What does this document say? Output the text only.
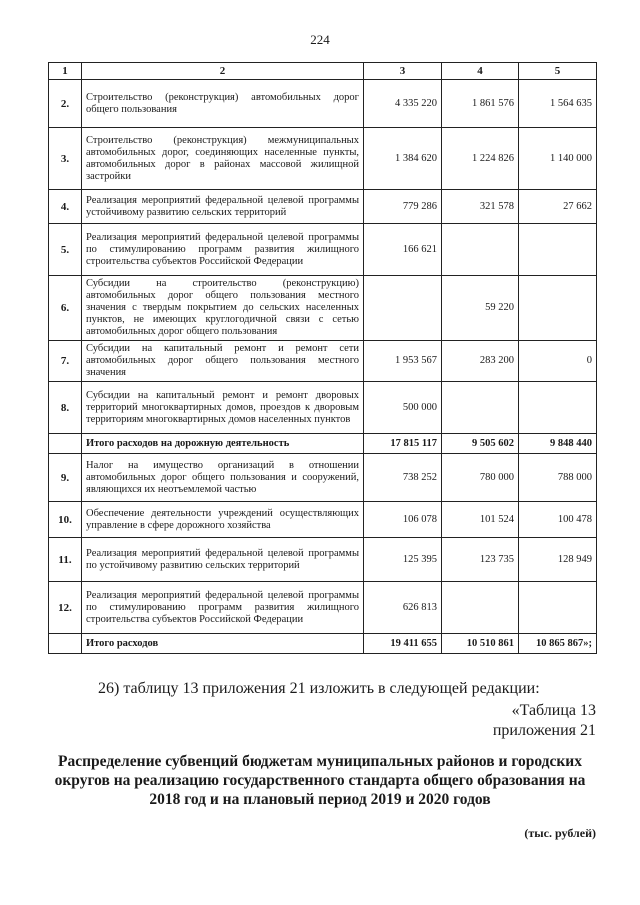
224
1	2	3	4	5
2.	Строительство (реконструкция) автомобильных дорог общего пользования	4 335 220	1 861 576	1 564 635
3.	Строительство (реконструкция) межмуниципальных автомобильных дорог, соединяющих населенные пункты, автомобильных дорог в районах массовой жилищной застройки	1 384 620	1 224 826	1 140 000
4.	Реализация мероприятий федеральной целевой программы устойчивому развитию сельских территорий	779 286	321 578	27 662
5.	Реализация мероприятий федеральной целевой программы по стимулированию программ развития жилищного строительства субъектов Российской Федерации	166 621		
6.	Субсидии на строительство (реконструкцию) автомобильных дорог общего пользования местного значения с твердым покрытием до сельских населенных пунктов, не имеющих круглогодичной связи с сетью автомобильных дорог общего пользования		59 220	
7.	Субсидии на капитальный ремонт и ремонт сети автомобильных дорог общего пользования местного значения	1 953 567	283 200	0
8.	Субсидии на капитальный ремонт и ремонт дворовых территорий многоквартирных домов, проездов к дворовым территориям многоквартирных домов населенных пунктов	500 000		
	Итого расходов на дорожную деятельность	17 815 117	9 505 602	9 848 440
9.	Налог на имущество организаций в отношении автомобильных дорог общего пользования и сооружений, являющихся их неотъемлемой частью	738 252	780 000	788 000
10.	Обеспечение деятельности учреждений осуществляющих управление в сфере дорожного хозяйства	106 078	101 524	100 478
11.	Реализация мероприятий федеральной целевой программы по устойчивому развитию сельских территорий	125 395	123 735	128 949
12.	Реализация мероприятий федеральной целевой программы по стимулированию программ развития жилищного строительства субъектов Российской Федерации	626 813		
	Итого расходов	19 411 655	10 510 861	10 865 867»;
26) таблицу 13 приложения 21 изложить в следующей редакции:
«Таблица 13
приложения 21
Распределение субвенций бюджетам муниципальных районов и городских округов на реализацию государственного стандарта общего образования на 2018 год и на плановый период 2019 и 2020 годов
(тыс. рублей)
